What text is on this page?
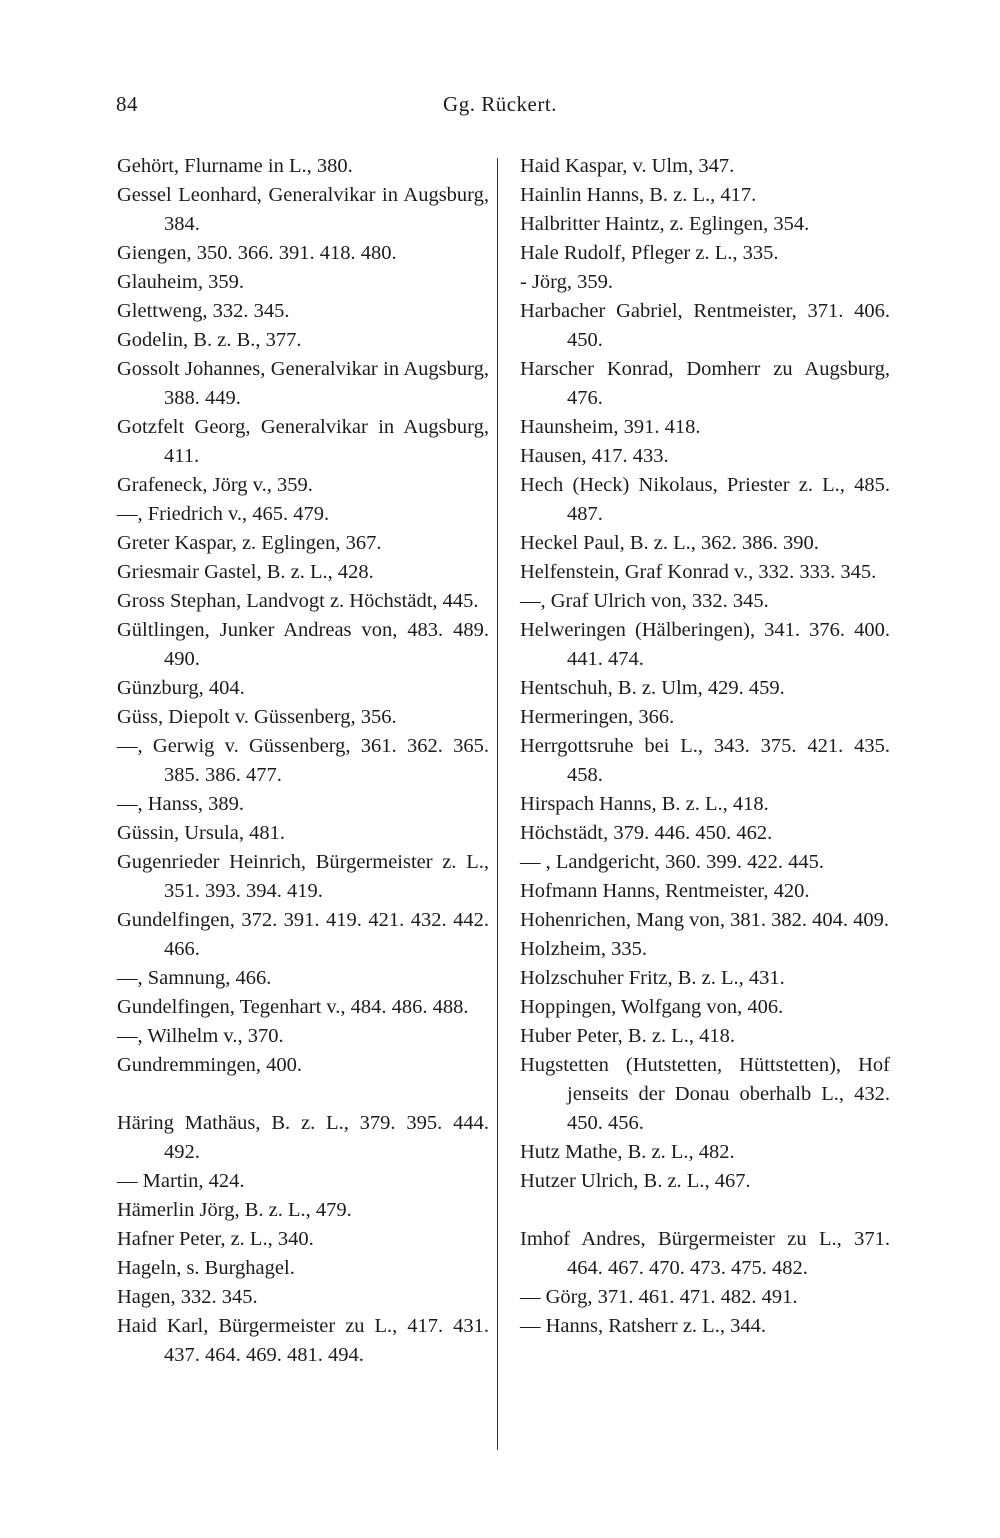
84	Gg. Rückert.
Gehört, Flurname in L., 380.
Gessel Leonhard, Generalvikar in Augsburg, 384.
Giengen, 350. 366. 391. 418. 480.
Glauheim, 359.
Glettweng, 332. 345.
Godelin, B. z. B., 377.
Gossolt Johannes, Generalvikar in Augsburg, 388. 449.
Gotzfelt Georg, Generalvikar in Augsburg, 411.
Grafeneck, Jörg v., 359.
—, Friedrich v., 465. 479.
Greter Kaspar, z. Eglingen, 367.
Griesmair Gastel, B. z. L., 428.
Gross Stephan, Landvogt z. Höchstädt, 445.
Gültlingen, Junker Andreas von, 483. 489. 490.
Günzburg, 404.
Güss, Diepolt v. Güssenberg, 356.
—, Gerwig v. Güssenberg, 361. 362. 365. 385. 386. 477.
—, Hanss, 389.
Güssin, Ursula, 481.
Gugenrieder Heinrich, Bürgermeister z. L., 351. 393. 394. 419.
Gundelfingen, 372. 391. 419. 421. 432. 442. 466.
—, Samnung, 466.
Gundelfingen, Tegenhart v., 484. 486. 488.
—, Wilhelm v., 370.
Gundremmingen, 400.
Häring Mathäus, B. z. L., 379. 395. 444. 492.
— Martin, 424.
Hämerlin Jörg, B. z. L., 479.
Hafner Peter, z. L., 340.
Hageln, s. Burghagel.
Hagen, 332. 345.
Haid Karl, Bürgermeister zu L., 417. 431. 437. 464. 469. 481. 494.
Haid Kaspar, v. Ulm, 347.
Hainlin Hanns, B. z. L., 417.
Halbritter Haintz, z. Eglingen, 354.
Hale Rudolf, Pfleger z. L., 335.
- Jörg, 359.
Harbacher Gabriel, Rentmeister, 371. 406. 450.
Harscher Konrad, Domherr zu Augsburg, 476.
Haunsheim, 391. 418.
Hausen, 417. 433.
Hech (Heck) Nikolaus, Priester z. L., 485. 487.
Heckel Paul, B. z. L., 362. 386. 390.
Helfenstein, Graf Konrad v., 332. 333. 345.
—, Graf Ulrich von, 332. 345.
Helweringen (Hälberingen), 341. 376. 400. 441. 474.
Hentschuh, B. z. Ulm, 429. 459.
Hermeringen, 366.
Herrgottsruhe bei L., 343. 375. 421. 435. 458.
Hirspach Hanns, B. z. L., 418.
Höchstädt, 379. 446. 450. 462.
— , Landgericht, 360. 399. 422. 445.
Hofmann Hanns, Rentmeister, 420.
Hohenrichen, Mang von, 381. 382. 404. 409.
Holzheim, 335.
Holzschuher Fritz, B. z. L., 431.
Hoppingen, Wolfgang von, 406.
Huber Peter, B. z. L., 418.
Hugstetten (Hutstetten, Hüttstetten), Hof jenseits der Donau oberhalb L., 432. 450. 456.
Hutz Mathe, B. z. L., 482.
Hutzer Ulrich, B. z. L., 467.
Imhof Andres, Bürgermeister zu L., 371. 464. 467. 470. 473. 475. 482.
— Görg, 371. 461. 471. 482. 491.
— Hanns, Ratsherr z. L., 344.
